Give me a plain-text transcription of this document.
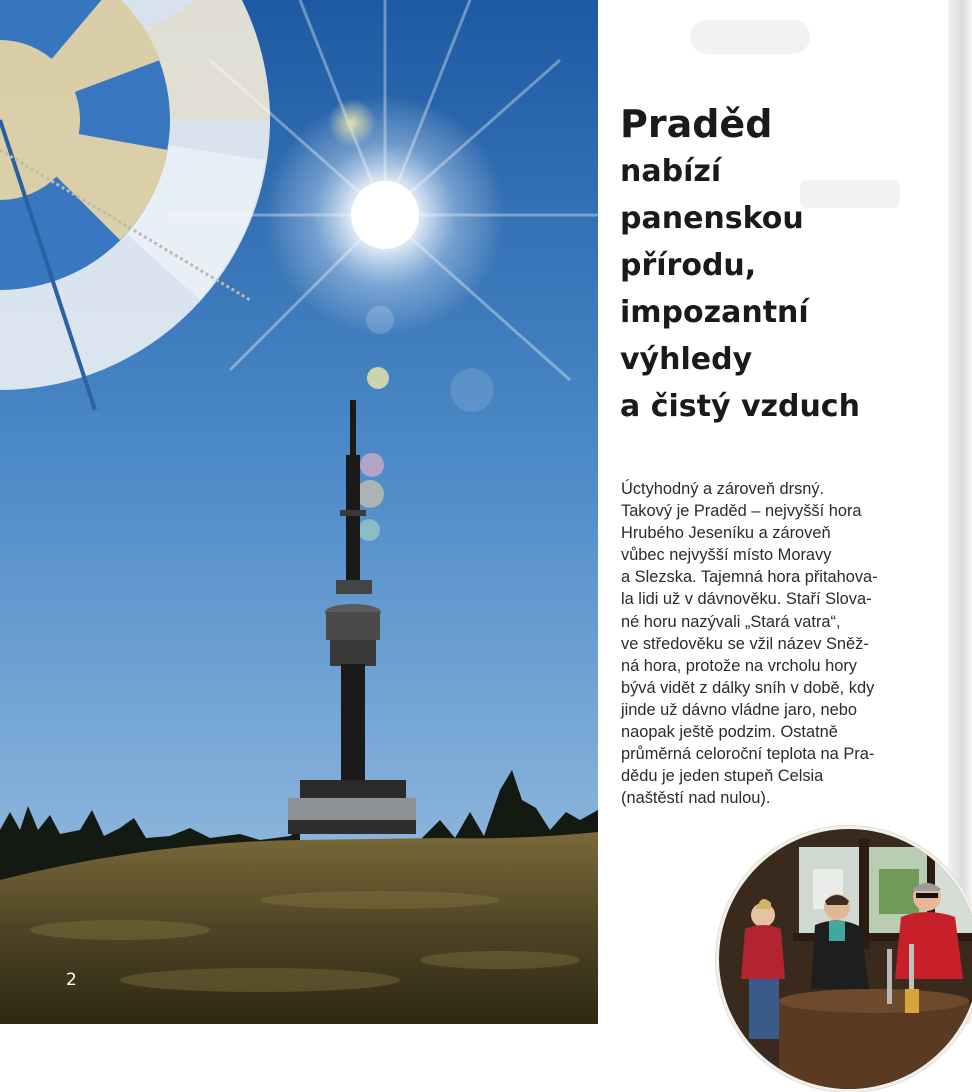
2
Praděd
nabízí
panenskou
přírodu,
impozantní
výhledy
a čistý vzduch

Úctyhodný a zároveň drsný.
Takový je Praděd – nejvyšší hora
Hrubého Jeseníku a zároveň
vůbec nejvyšší místo Moravy
a Slezska. Tajemná hora přitahova-
la lidi už v dávnověku. Staří Slova-
né horu nazývali „Stará vatra“,
ve středověku se vžil název Sněž-
ná hora, protože na vrcholu hory
bývá vidět z dálky sníh v době, kdy
jinde už dávno vládne jaro, nebo
naopak ještě podzim. Ostatně
průměrná celoroční teplota na Pra-
dědu je jeden stupeň Celsia
(naštěstí nad nulou).
